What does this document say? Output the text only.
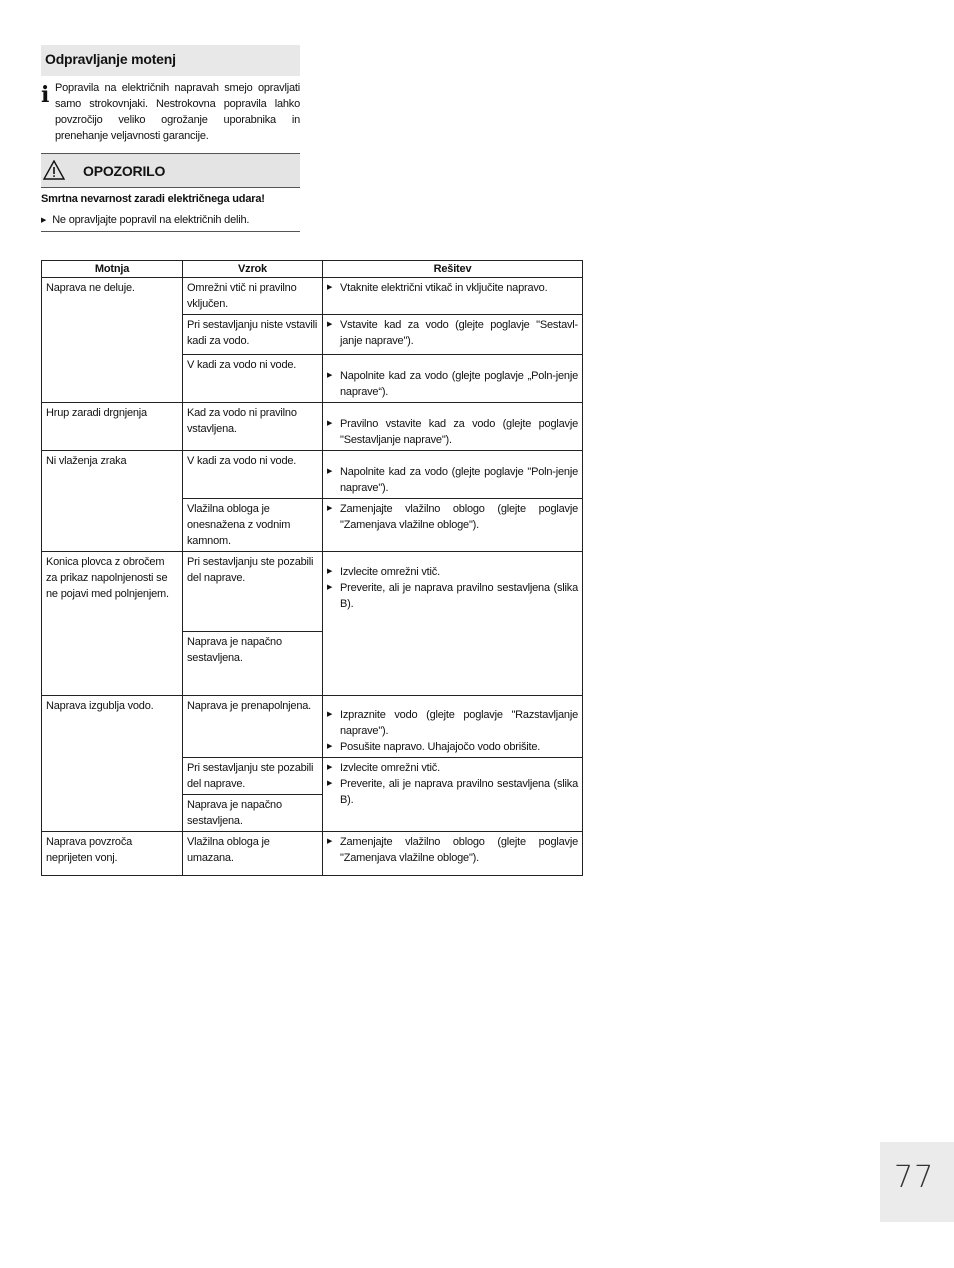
Odpravljanje motenj
i Popravila na električnih napravah smejo opravljati samo strokovnjaki. Nestrokovna popravila lahko povzročijo veliko ogrožanje uporabnika in prenehanje veljavnosti garancije.
OPOZORILO
Smrtna nevarnost zaradi električnega udara!
▶ Ne opravljajte popravil na električnih delih.
Motnja	Vzrok	Rešitev
Naprava ne deluje.	Omrežni vtič ni pravilno vključen.	▶ Vtaknite električni vtikač in vključite napravo.

	Pri sestavljanju niste vstavili kadi za vodo.	▶ Vstavite kad za vodo (glejte poglavje "Sestavl-janje naprave").

	V kadi za vodo ni vode.	▶ Napolnite kad za vodo (glejte poglavje „Poln-jenje naprave“).

Hrup zaradi drgnjenja	Kad za vodo ni pravilno vstavljena.	▶ Pravilno vstavite kad za vodo (glejte poglavje "Sestavljanje naprave").

Ni vlaženja zraka	V kadi za vodo ni vode.	▶ Napolnite kad za vodo (glejte poglavje "Poln-jenje naprave").

	Vlažilna obloga je onesnažena z vodnim kamnom.	▶ Zamenjajte vlažilno oblogo (glejte poglavje "Zamenjava vlažilne obloge").

Konica plovca z obročem za prikaz napolnjenosti se ne pojavi med polnjenjem.	Pri sestavljanju ste pozabili del naprave.	▶ Izvlecite omrežni vtič.
▶ Preverite, ali je naprava pravilno sestavljena (slika B).

	Naprava je napačno sestavljena.	
Naprava izgublja vodo.	Naprava je prenapolnjena.	▶ Izpraznite vodo (glejte poglavje "Razstavljanje naprave").
▶ Posušite napravo. Uhajajočo vodo obrišite.

	Pri sestavljanju ste pozabili del naprave.	▶ Izvlecite omrežni vtič.
▶ Preverite, ali je naprava pravilno sestavljena (slika B).

	Naprava je napačno sestavljena.	
Naprava povzroča neprijeten vonj.	Vlažilna obloga je umazana.	▶ Zamenjajte vlažilno oblogo (glejte poglavje "Zamenjava vlažilne obloge").
77
